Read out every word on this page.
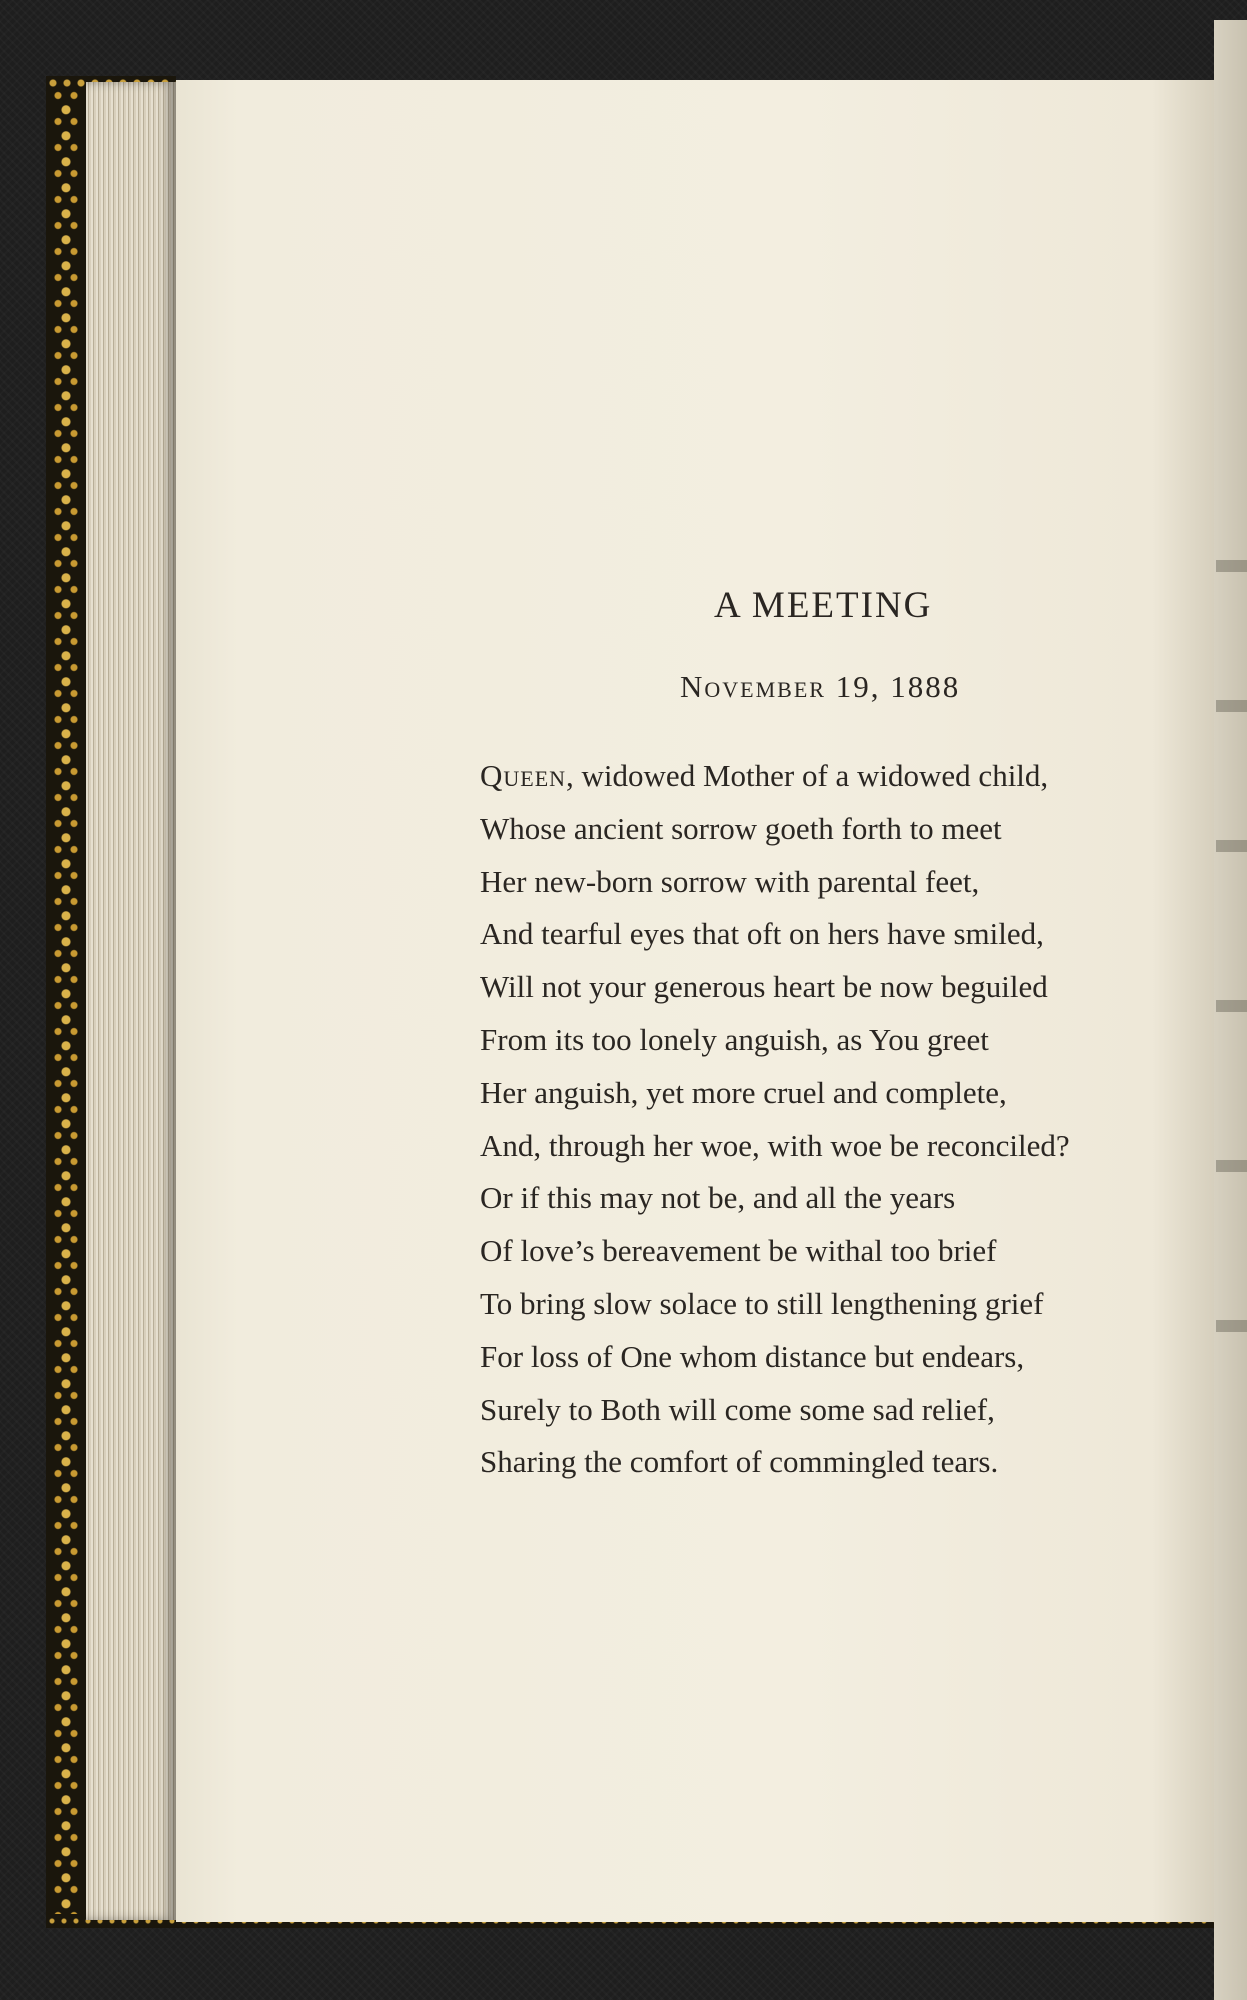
A MEETING
November 19, 1888
Queen, widowed Mother of a widowed child,
Whose ancient sorrow goeth forth to meet
Her new-born sorrow with parental feet,
And tearful eyes that oft on hers have smiled,
Will not your generous heart be now beguiled
From its too lonely anguish, as You greet
Her anguish, yet more cruel and complete,
And, through her woe, with woe be reconciled?
Or if this may not be, and all the years
Of love’s bereavement be withal too brief
To bring slow solace to still lengthening grief
For loss of One whom distance but endears,
Surely to Both will come some sad relief,
Sharing the comfort of commingled tears.
